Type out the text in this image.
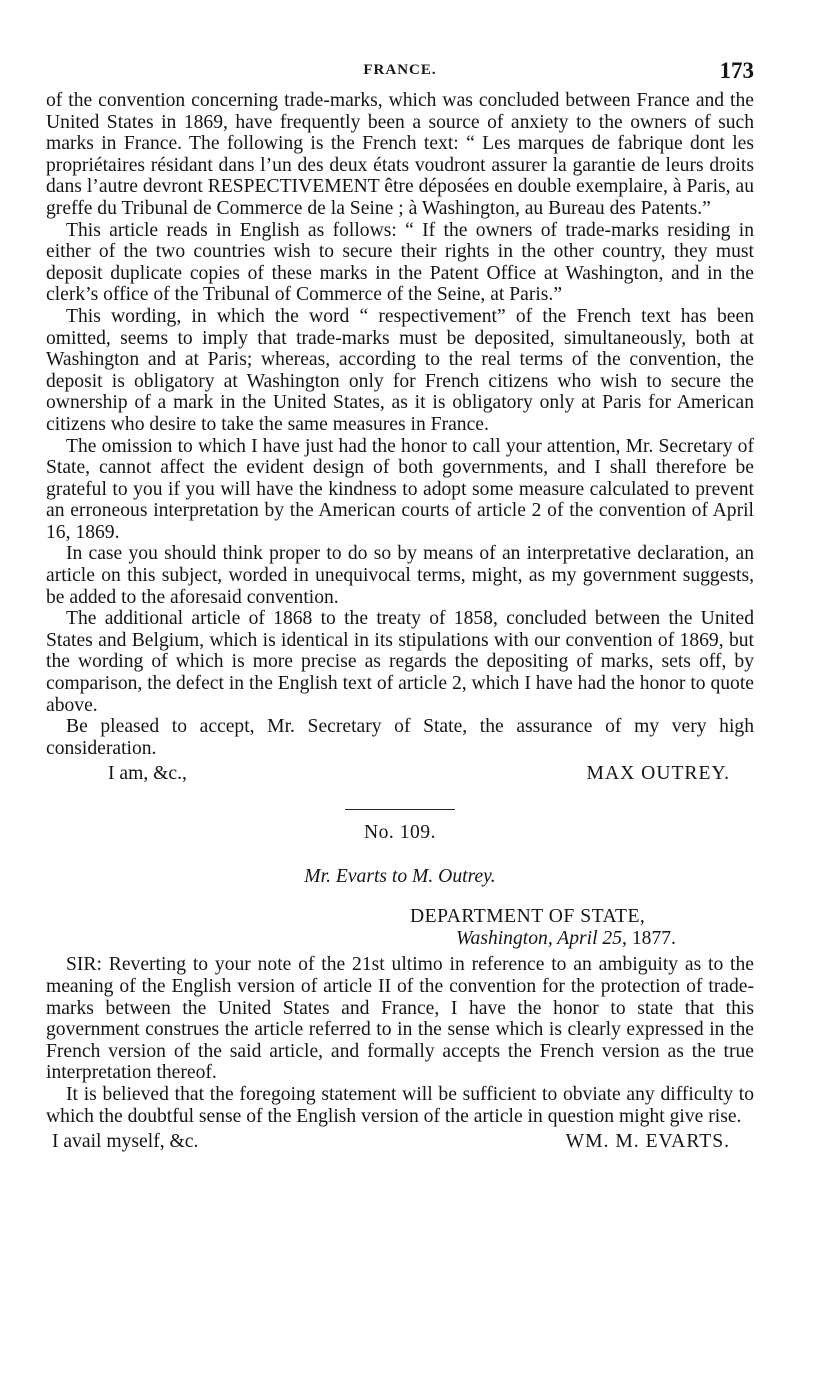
FRANCE.	173

of the convention concerning trade-marks, which was concluded between France and the United States in 1869, have frequently been a source of anxiety to the owners of such marks in France. The following is the French text: “ Les marques de fabrique dont les propriétaires résidant dans l’un des deux états voudront assurer la garantie de leurs droits dans l’autre devront RESPECTIVEMENT être déposées en double exemplaire, à Paris, au greffe du Tribunal de Commerce de la Seine ; à Washington, au Bureau des Patents.”

This article reads in English as follows: “ If the owners of trade-marks residing in either of the two countries wish to secure their rights in the other country, they must deposit duplicate copies of these marks in the Patent Office at Washington, and in the clerk’s office of the Tribunal of Commerce of the Seine, at Paris.”

This wording, in which the word “ respectivement” of the French text has been omitted, seems to imply that trade-marks must be deposited, simultaneously, both at Washington and at Paris; whereas, according to the real terms of the convention, the deposit is obligatory at Washington only for French citizens who wish to secure the ownership of a mark in the United States, as it is obligatory only at Paris for American citizens who desire to take the same measures in France.

The omission to which I have just had the honor to call your attention, Mr. Secretary of State, cannot affect the evident design of both governments, and I shall therefore be grateful to you if you will have the kindness to adopt some measure calculated to prevent an erroneous interpretation by the American courts of article 2 of the convention of April 16, 1869.

In case you should think proper to do so by means of an interpretative declaration, an article on this subject, worded in unequivocal terms, might, as my government suggests, be added to the aforesaid convention.

The additional article of 1868 to the treaty of 1858, concluded between the United States and Belgium, which is identical in its stipulations with our convention of 1869, but the wording of which is more precise as regards the depositing of marks, sets off, by comparison, the defect in the English text of article 2, which I have had the honor to quote above.

Be pleased to accept, Mr. Secretary of State, the assurance of my very high consideration.

I am, &c.,	MAX OUTREY.
No. 109.
Mr. Evarts to M. Outrey.
DEPARTMENT OF STATE,
Washington, April 25, 1877.

SIR: Reverting to your note of the 21st ultimo in reference to an ambiguity as to the meaning of the English version of article II of the convention for the protection of trade-marks between the United States and France, I have the honor to state that this government construes the article referred to in the sense which is clearly expressed in the French version of the said article, and formally accepts the French version as the true interpretation thereof.

It is believed that the foregoing statement will be sufficient to obviate any difficulty to which the doubtful sense of the English version of the article in question might give rise.

I avail myself, &c.	WM. M. EVARTS.
